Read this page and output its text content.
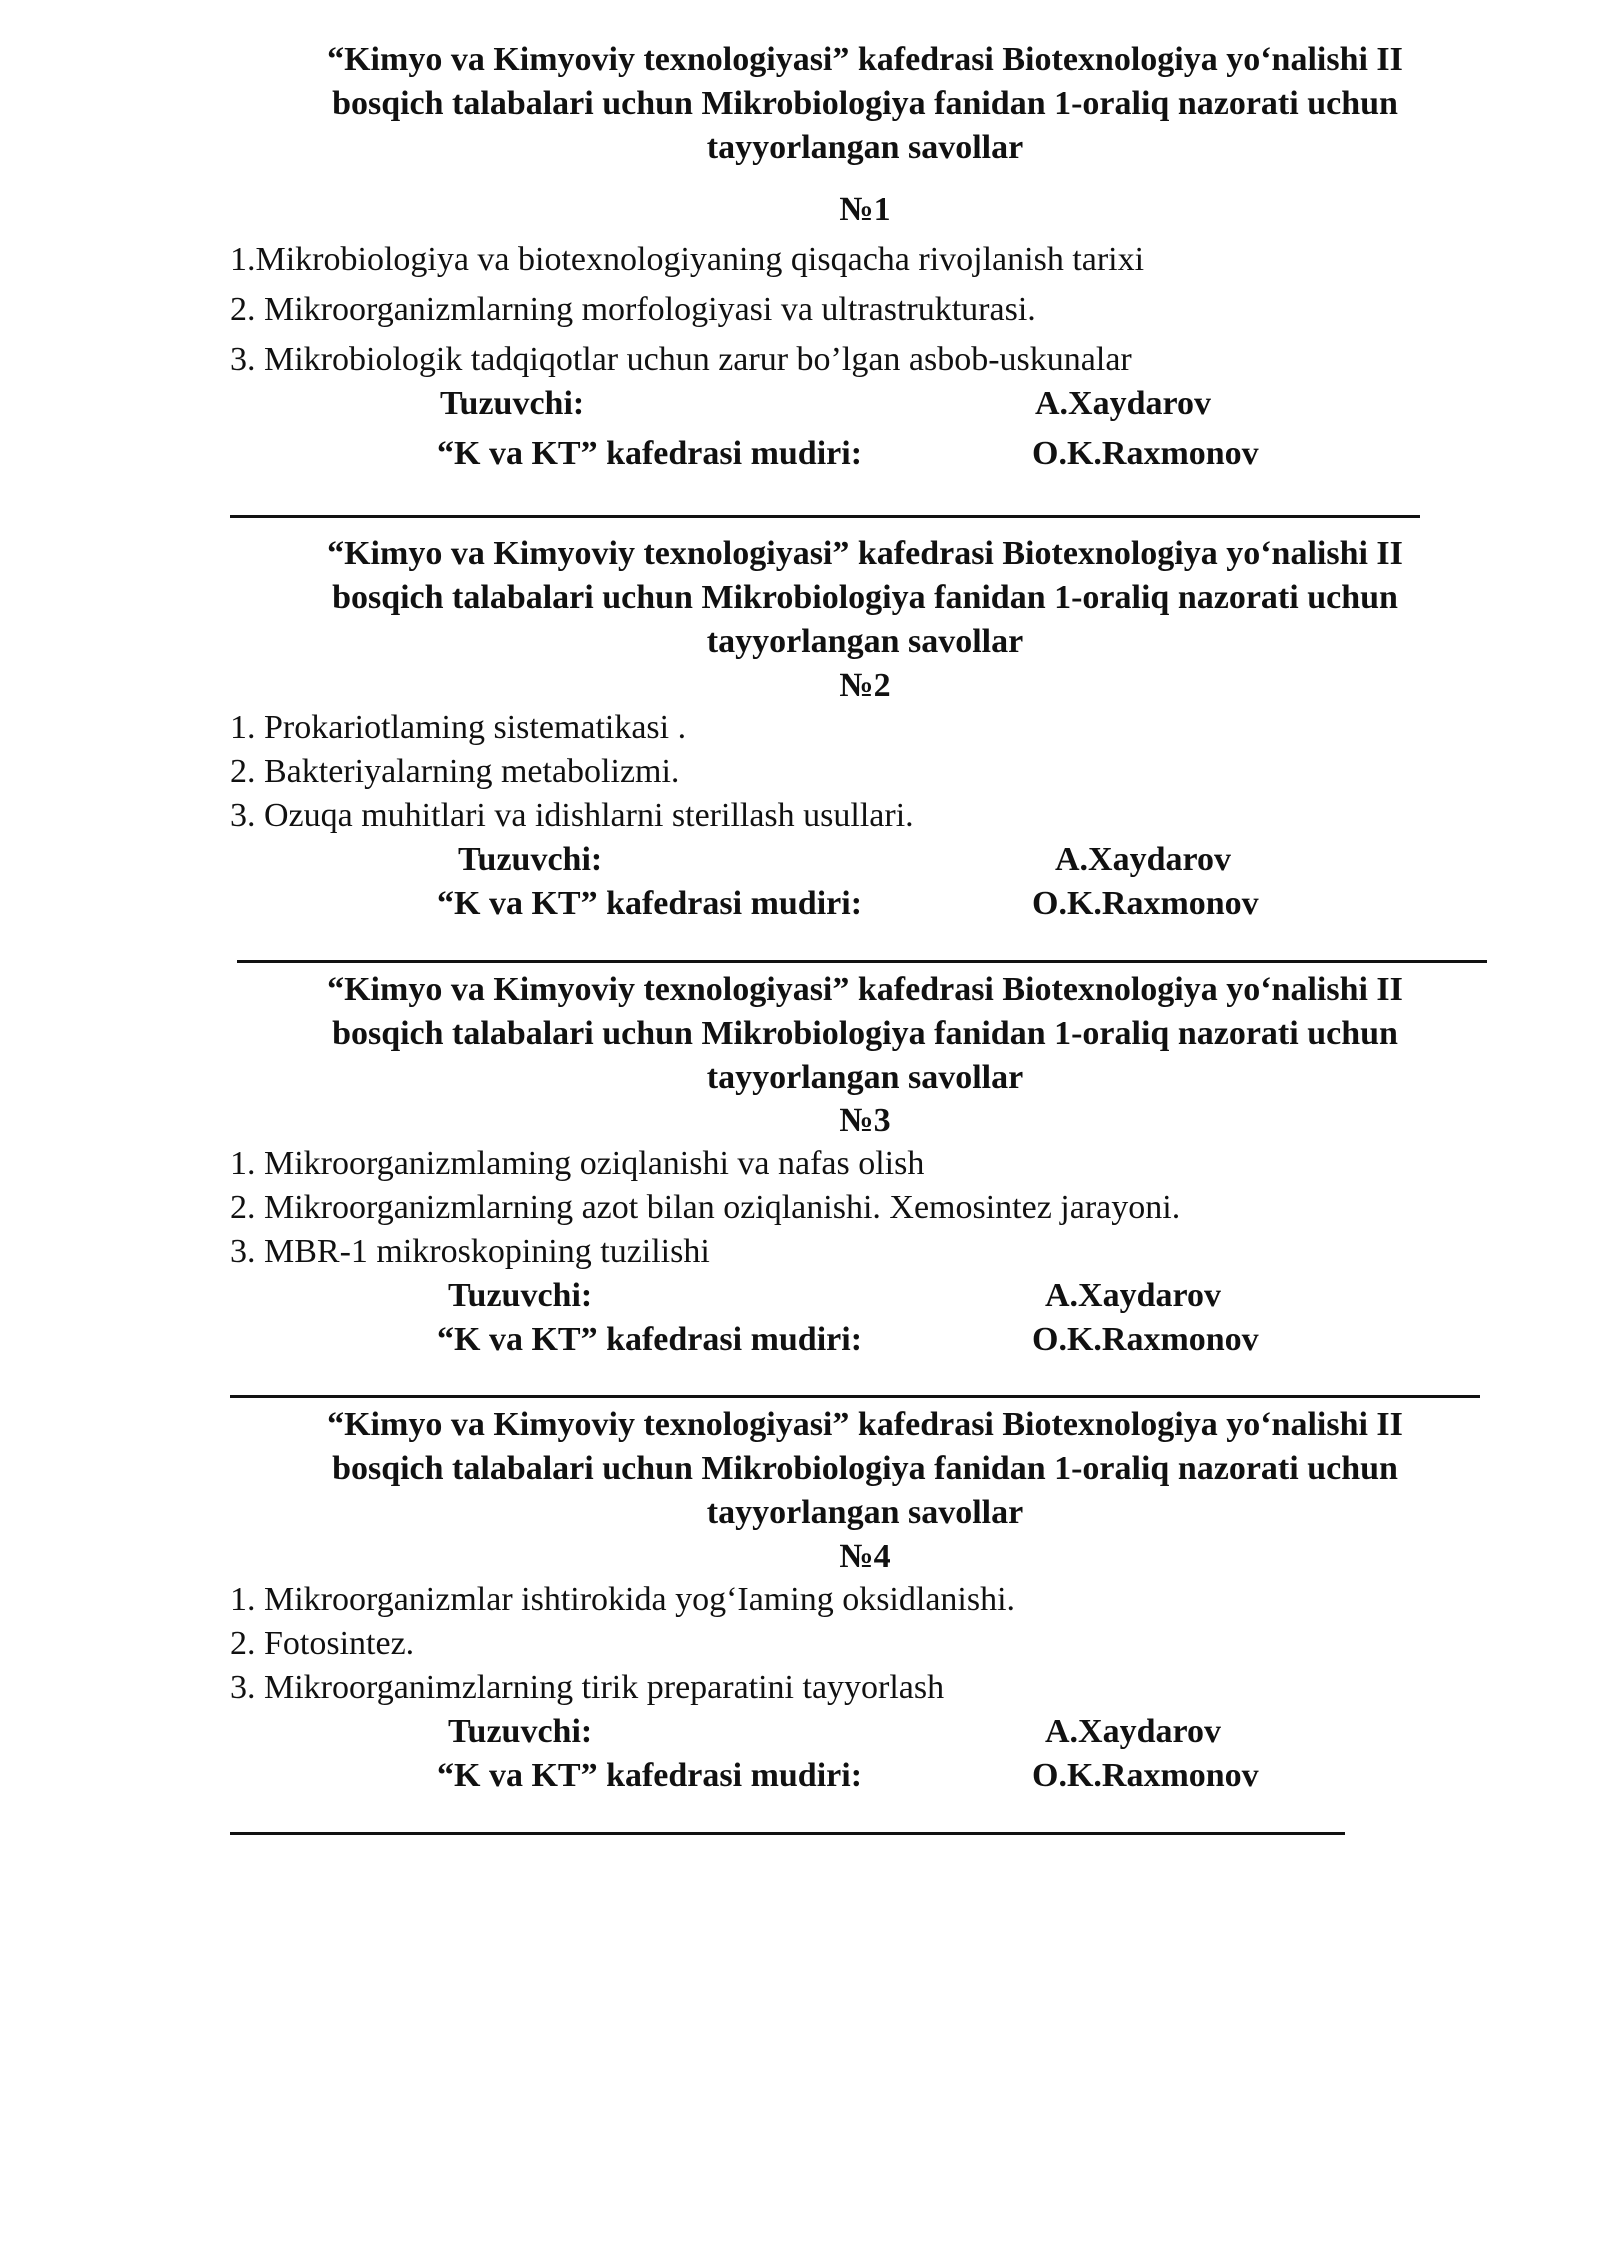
“Kimyo va Kimyoviy texnologiyasi” kafedrasi Biotexnologiya yo‘nalishi II
bosqich talabalari uchun Mikrobiologiya fanidan 1-oraliq nazorati uchun
tayyorlangan savollar
№1
1.Mikrobiologiya va biotexnologiyaning qisqacha rivojlanish tarixi
2. Mikroorganizmlarning morfologiyasi va ultrastrukturasi.
3. Mikrobiologik tadqiqotlar uchun zarur bo’lgan asbob-uskunalar
Tuzuvchi:	A.Xaydarov
“K va KT” kafedrasi mudiri:	O.K.Raxmonov
“Kimyo va Kimyoviy texnologiyasi” kafedrasi Biotexnologiya yo‘nalishi II
bosqich talabalari uchun Mikrobiologiya fanidan 1-oraliq nazorati uchun
tayyorlangan savollar
№2
1. Prokariotlaming sistematikasi .
2. Bakteriyalarning metabolizmi.
3. Ozuqa muhitlari va idishlarni sterillash usullari.
Tuzuvchi:	A.Xaydarov
“K va KT” kafedrasi mudiri:	O.K.Raxmonov
“Kimyo va Kimyoviy texnologiyasi” kafedrasi Biotexnologiya yo‘nalishi II
bosqich talabalari uchun Mikrobiologiya fanidan 1-oraliq nazorati uchun
tayyorlangan savollar
№3
1. Mikroorganizmlaming oziqlanishi va nafas olish
2. Mikroorganizmlarning azot bilan oziqlanishi. Xemosintez jarayoni.
3. MBR-1 mikroskopining tuzilishi
Tuzuvchi:	A.Xaydarov
“K va KT” kafedrasi mudiri:	O.K.Raxmonov
“Kimyo va Kimyoviy texnologiyasi” kafedrasi Biotexnologiya yo‘nalishi II
bosqich talabalari uchun Mikrobiologiya fanidan 1-oraliq nazorati uchun
tayyorlangan savollar
№4
1. Mikroorganizmlar ishtirokida yog‘Iaming oksidlanishi.
2. Fotosintez.
3. Mikroorganimzlarning tirik preparatini tayyorlash
Tuzuvchi:	A.Xaydarov
“K va KT” kafedrasi mudiri:	O.K.Raxmonov
